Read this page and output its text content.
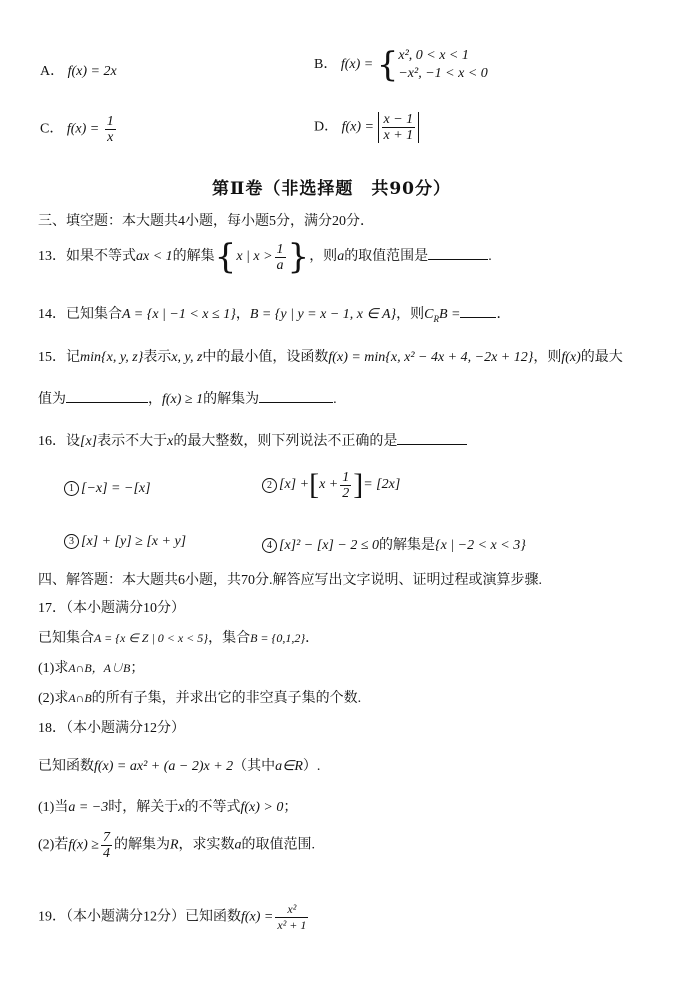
A． f(x) = 2x	B． f(x) = { x², 0 < x < 1
−x², −1 < x < 0
C． $f(x) = \frac{1}{x}$	D． $f(x) = \frac{x - 1}{x + 1}$
第Ⅱ卷（非选择题　共90分）
三、填空题：本大题共4小题，每小题5分，满分20分．
13．如果不等式ax < 1的解集{x | $x > \frac{1}{a}$ }，则a的取值范围是	.
14．已知集合A = {x | −1 < x ≤ 1}，B = {y | y = x − 1, x ∈ A}，则$C_RB$ =	．
15．记min{x, y, z}表示x, y, z中的最小值，设函数f(x) = min{x, x² − 4x + 4, −2x + 12}，则f(x)的最大
值为	，f(x) ≥ 1的解集为	.
16．设[x]表示不大于x的最大整数，则下列说法不正确的是
1 [−x] = −[x]	2 $[x] +[x + \frac{1}{2}$ ]= [2x]
3 [x] + [y] ≥ [x + y]	4 [x]² − [x] − 2 ≤ 0的解集是{x | −2 < x < 3}
四、解答题：本大题共6小题，共70分.解答应写出文字说明、证明过程或演算步骤.
17．（本小题满分10分）
已知集合A = {x ∈ Z | 0 < x < 5}，集合B = {0,1,2}．
(1)求A∩B，A∪B；
(2)求A∩B的所有子集，并求出它的非空真子集的个数.
18．（本小题满分12分）
已知函数f(x) = ax² + (a − 2)x + 2（其中a∈R）.
(1)当a = −3时，解关于x的不等式f(x) > 0；
(2)若$f(x) \ge \frac{7}{4}$ 的解集为R，求实数a的取值范围.
19．（本小题满分12分）已知函数$f(x) = \frac{\text{x²}}{\text{x² + 1}}$
